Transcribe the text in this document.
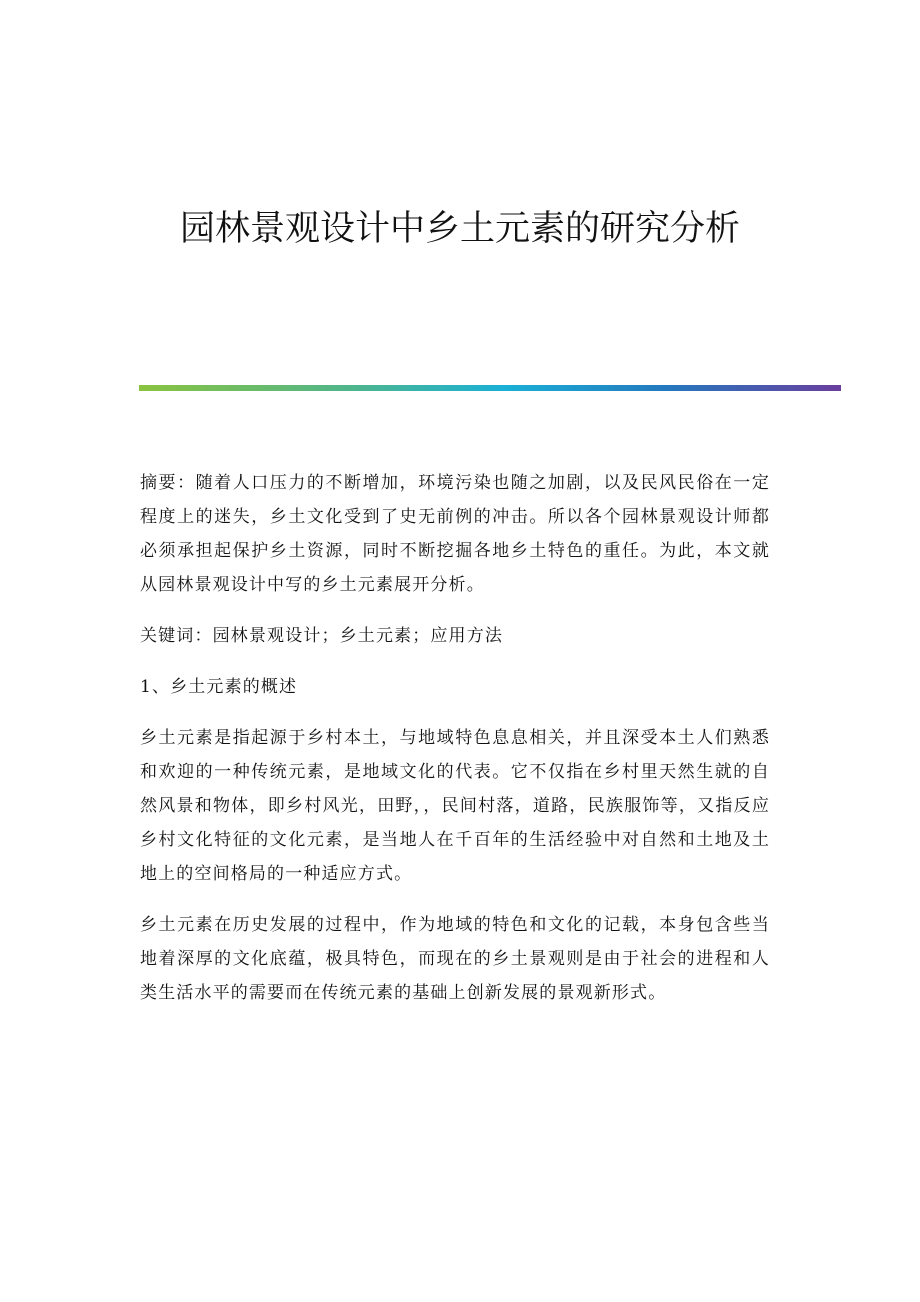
园林景观设计中乡土元素的研究分析

摘要：随着人口压力的不断增加，环境污染也随之加剧，以及民风民俗在一定程度上的迷失，乡土文化受到了史无前例的冲击。所以各个园林景观设计师都必须承担起保护乡土资源，同时不断挖掘各地乡土特色的重任。为此，本文就从园林景观设计中写的乡土元素展开分析。

关键词：园林景观设计；乡土元素；应用方法

1、乡土元素的概述

乡土元素是指起源于乡村本土，与地域特色息息相关，并且深受本土人们熟悉和欢迎的一种传统元素，是地域文化的代表。它不仅指在乡村里天然生就的自然风景和物体，即乡村风光，田野，，民间村落，道路，民族服饰等，又指反应乡村文化特征的文化元素，是当地人在千百年的生活经验中对自然和土地及土地上的空间格局的一种适应方式。

乡土元素在历史发展的过程中，作为地域的特色和文化的记载，本身包含些当地着深厚的文化底蕴，极具特色，而现在的乡土景观则是由于社会的进程和人类生活水平的需要而在传统元素的基础上创新发展的景观新形式。
